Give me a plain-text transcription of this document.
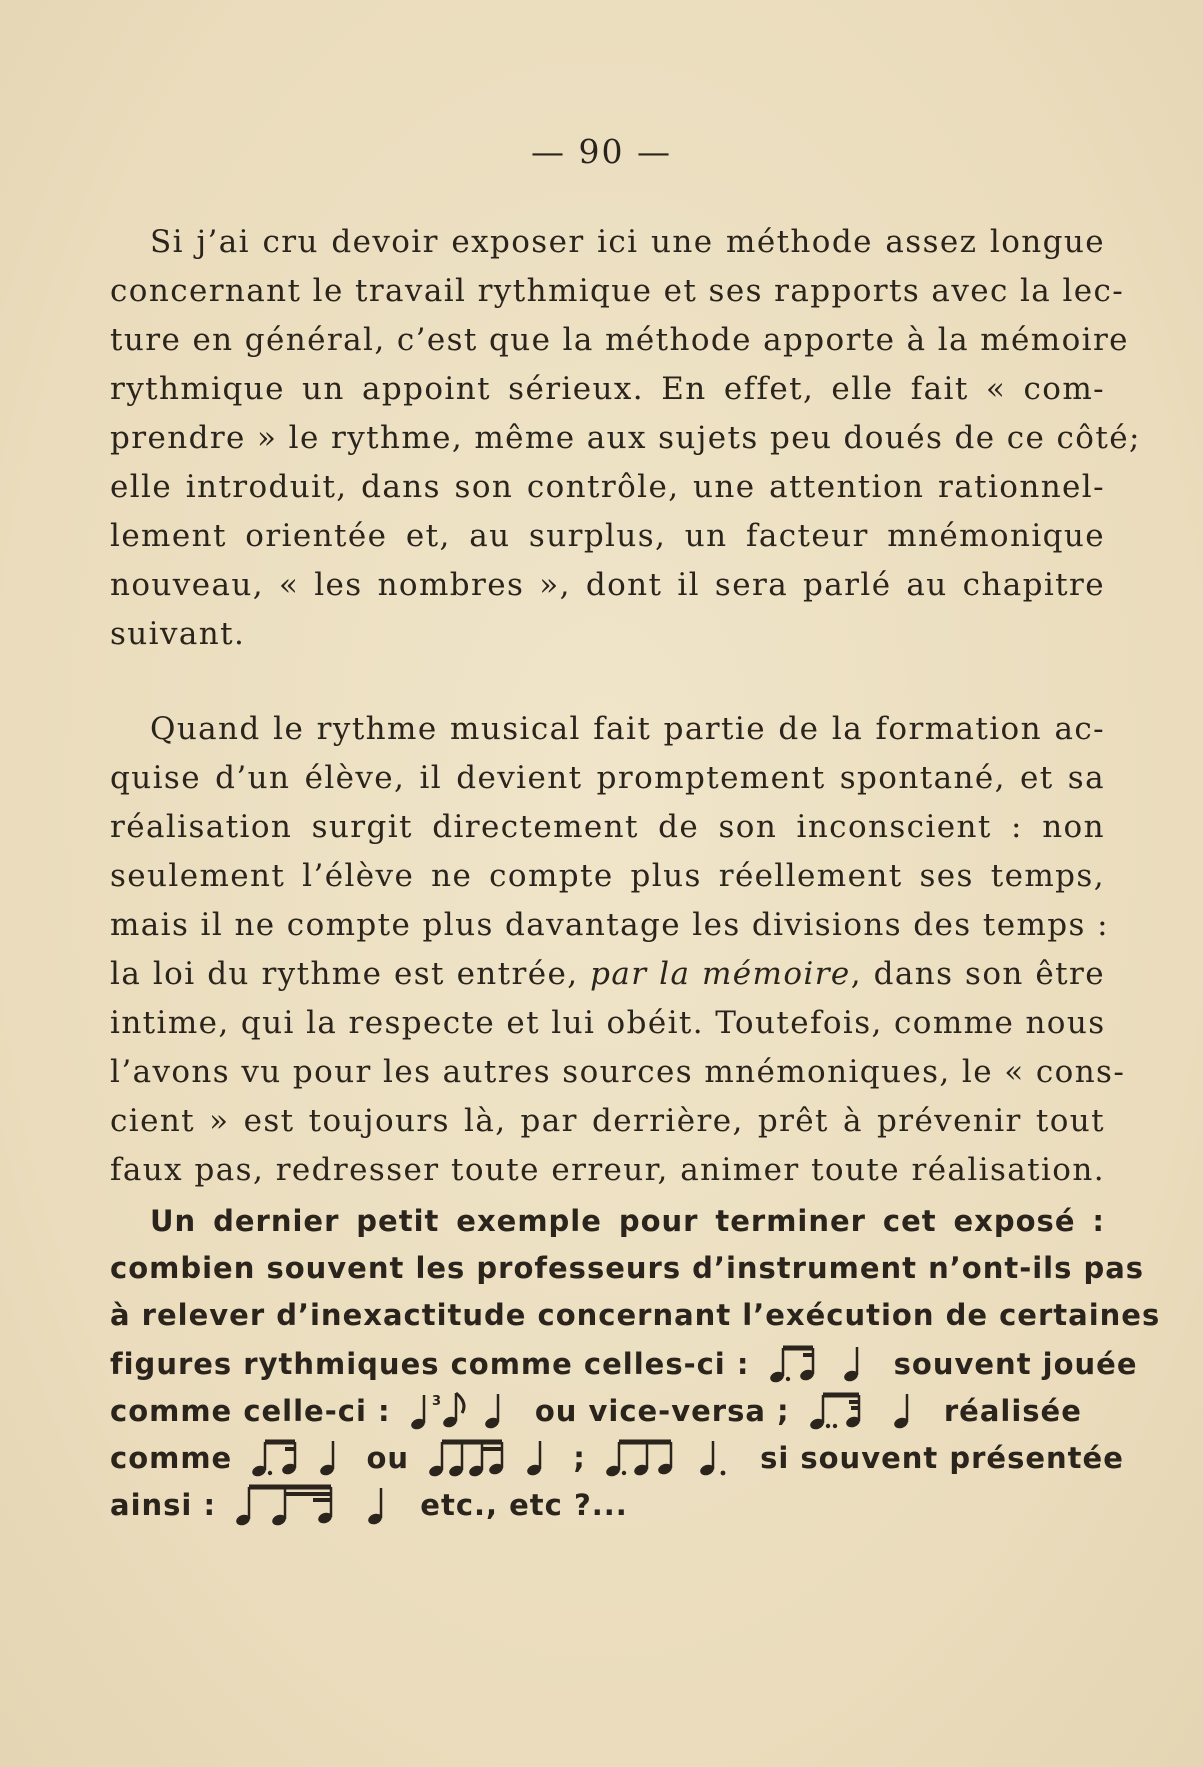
— 90 —
Si j’ai cru devoir exposer ici une méthode assez longue
concernant le travail rythmique et ses rapports avec la lec-
ture en général, c’est que la méthode apporte à la mémoire
rythmique un appoint sérieux. En effet, elle fait « com-
prendre » le rythme, même aux sujets peu doués de ce côté;
elle introduit, dans son contrôle, une attention rationnel-
lement orientée et, au surplus, un facteur mnémonique
nouveau, « les nombres », dont il sera parlé au chapitre
suivant.
Quand le rythme musical fait partie de la formation ac-
quise d’un élève, il devient promptement spontané, et sa
réalisation surgit directement de son inconscient : non
seulement l’élève ne compte plus réellement ses temps,
mais il ne compte plus davantage les divisions des temps :
la loi du rythme est entrée, par la mémoire, dans son être
intime, qui la respecte et lui obéit. Toutefois, comme nous
l’avons vu pour les autres sources mnémoniques, le « cons-
cient » est toujours là, par derrière, prêt à prévenir tout
faux pas, redresser toute erreur, animer toute réalisation.
Un dernier petit exemple pour terminer cet exposé :
combien souvent les professeurs d’instrument n’ont-ils pas
à relever d’inexactitude concernant l’exécution de certaines
figures rythmiques comme celles-ci :	souvent jouée
comme celle-ci :	3	ou vice-versa ;	réalisée
comme	ou	;	si souvent présentée
ainsi :	etc., etc ?...
